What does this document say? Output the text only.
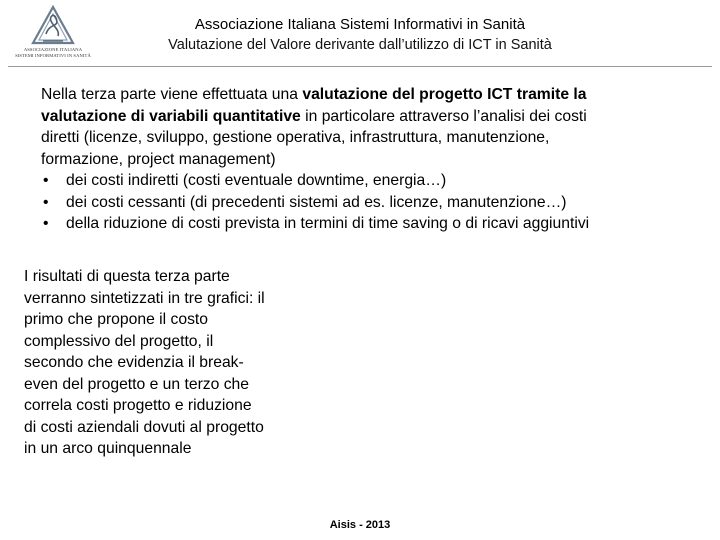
ASSOCIAZIONE ITALIANA
SISTEMI INFORMATIVI IN SANITÀ
Associazione Italiana Sistemi Informativi in Sanità
Valutazione del Valore derivante dall’utilizzo di ICT in Sanità

Nella terza parte viene effettuata una valutazione del progetto ICT tramite la

valutazione di variabili quantitative in particolare attraverso l’analisi dei costi

diretti (licenze, sviluppo, gestione operativa, infrastruttura, manutenzione,

formazione, project management)

• dei costi indiretti (costi eventuale downtime, energia…)
• dei costi cessanti (di precedenti sistemi ad es. licenze, manutenzione…)
• della riduzione di costi prevista in termini di time saving o di ricavi aggiuntivi
I risultati di questa terza parte
verranno sintetizzati in tre grafici: il
primo che propone il costo
complessivo del progetto, il
secondo che evidenzia il break-
even del progetto e un terzo che
correla costi progetto e riduzione
di costi aziendali dovuti al progetto
in un arco quinquennale
Aisis - 2013
